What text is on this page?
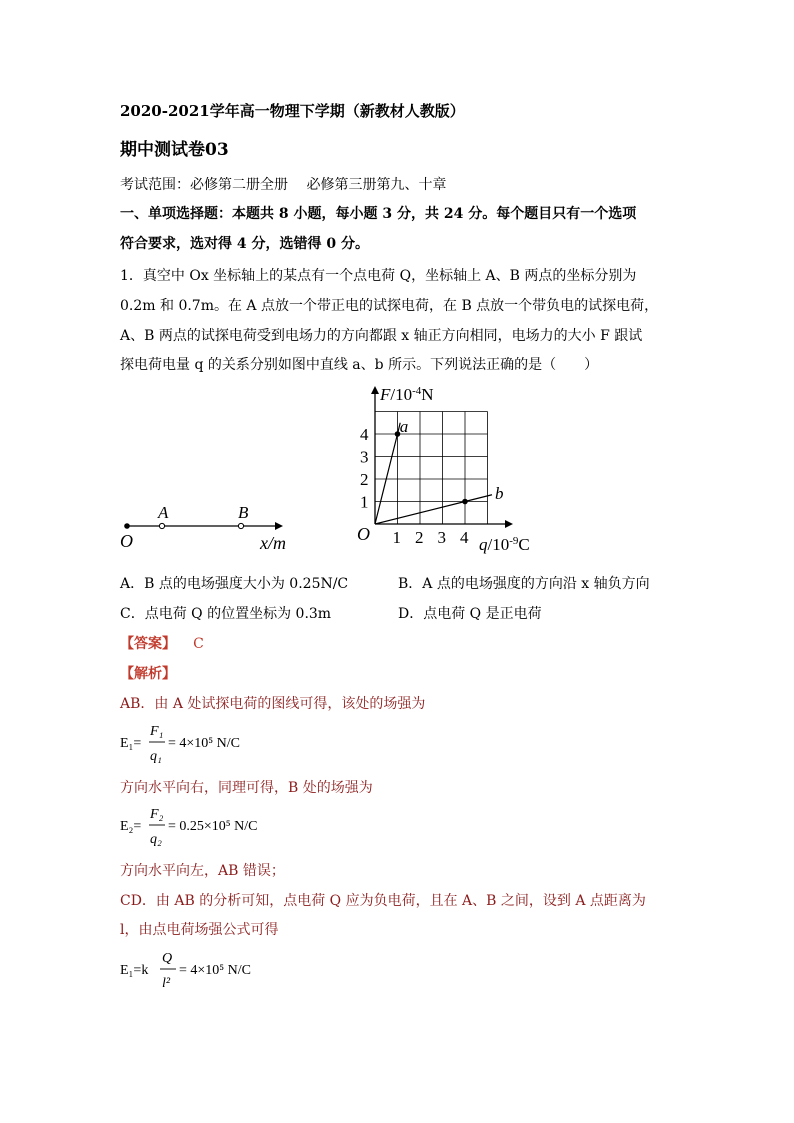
2020-2021学年高一物理下学期（新教材人教版）
期中测试卷03
考试范围：必修第二册全册　 必修第三册第九、十章
一、单项选择题：本题共 8 小题，每小题 3 分，共 24 分。每个题目只有一个选项
符合要求，选对得 4 分，选错得 0 分。
1．真空中 Ox 坐标轴上的某点有一个点电荷 Q，坐标轴上 A、B 两点的坐标分别为
0.2m 和 0.7m。在 A 点放一个带正电的试探电荷，在 B 点放一个带负电的试探电荷，
A、B 两点的试探电荷受到电场力的方向都跟 x 轴正方向相同，电场力的大小 F 跟试
探电荷电量 q 的关系分别如图中直线 a、b 所示。下列说法正确的是（　　）
A	B
O	x/m
a
b
$F/10^{-4}N$
$q/10^{-9}C$
O 1 2 3 4
1
2
3
4
A．B 点的电场强度大小为 0.25N/C	B．A 点的电场强度的方向沿 x 轴负方向
C．点电荷 Q 的位置坐标为 0.3m	D．点电荷 Q 是正电荷
【答案】 C
【解析】
AB．由 A 处试探电荷的图线可得，该处的场强为
E₁=
F₁
q₁
= 4×10⁵ N/C
方向水平向右，同理可得，B 处的场强为
E₂=
F₂
q₂
= 0.25×10⁵ N/C
方向水平向左，AB 错误；
CD．由 AB 的分析可知，点电荷 Q 应为负电荷，且在 A、B 之间，设到 A 点距离为
l，由点电荷场强公式可得
E₁=k
Q
l²
= 4×10⁵ N/C
